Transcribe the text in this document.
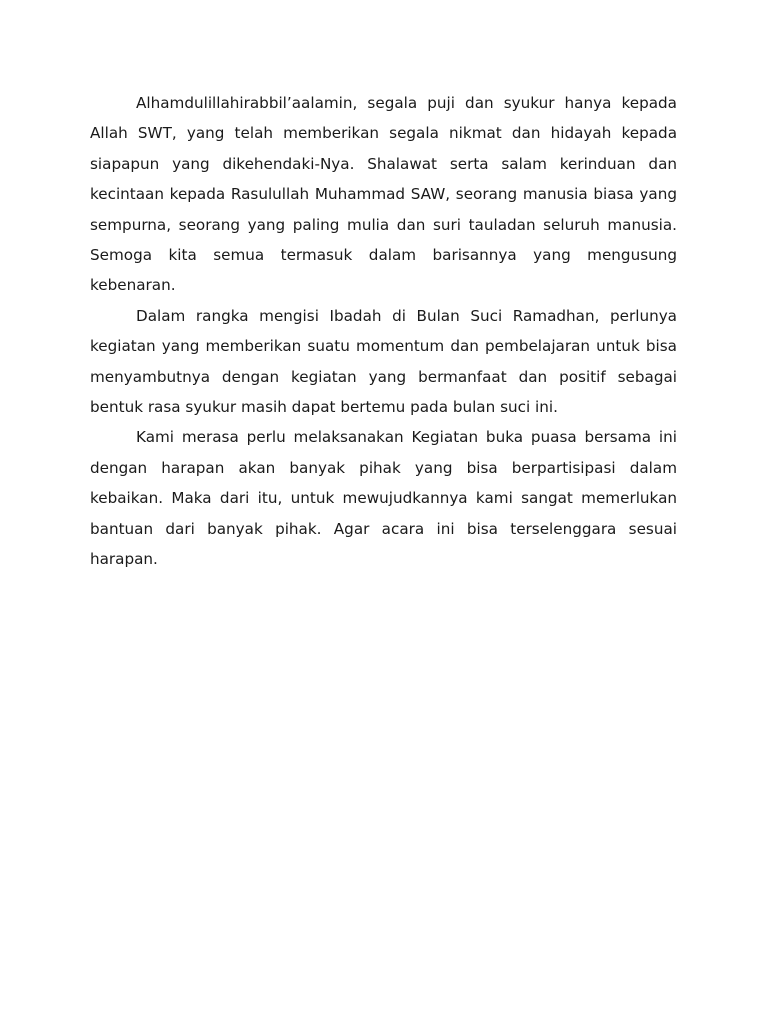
Alhamdulillahirabbil’aalamin, segala puji dan syukur hanya kepada Allah SWT, yang telah memberikan segala nikmat dan hidayah kepada siapapun yang dikehendaki-Nya. Shalawat serta salam kerinduan dan kecintaan kepada Rasulullah Muhammad SAW, seorang manusia biasa yang sempurna, seorang yang paling mulia dan suri tauladan seluruh manusia. Semoga kita semua termasuk dalam barisannya yang mengusung kebenaran.

Dalam rangka mengisi Ibadah di Bulan Suci Ramadhan, perlunya kegiatan yang memberikan suatu momentum dan pembelajaran untuk bisa menyambutnya dengan kegiatan yang bermanfaat dan positif sebagai bentuk rasa syukur masih dapat bertemu pada bulan suci ini.

Kami merasa perlu melaksanakan Kegiatan buka puasa bersama ini dengan harapan akan banyak pihak yang bisa berpartisipasi dalam kebaikan. Maka dari itu, untuk mewujudkannya kami sangat memerlukan bantuan dari banyak pihak. Agar acara ini bisa terselenggara sesuai harapan.
